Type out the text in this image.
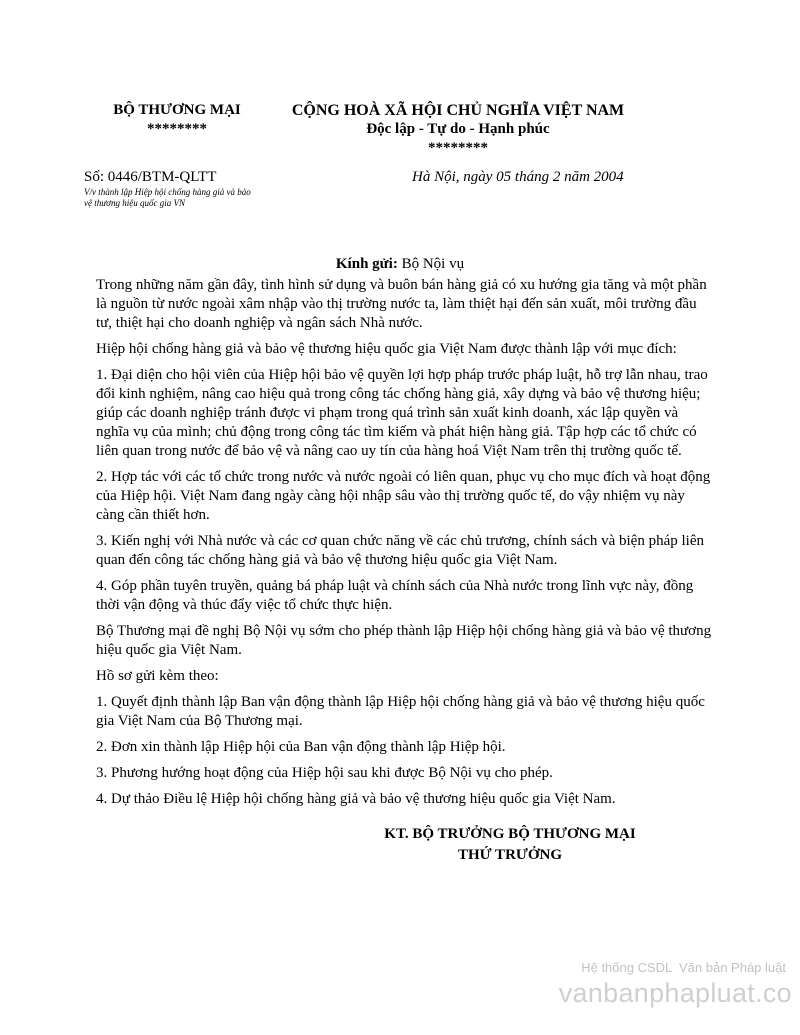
BỘ THƯƠNG MẠI
********
CỘNG HOÀ XÃ HỘI CHỦ NGHĨA VIỆT NAM
Độc lập - Tự do - Hạnh phúc
********
Số: 0446/BTM-QLTT
V/v thành lập Hiệp hội chống hàng giả và bảo vệ thương hiệu quốc gia VN
Hà Nội, ngày 05 tháng 2 năm 2004
Kính gửi: Bộ Nội vụ

Trong những năm gần đây, tình hình sử dụng và buôn bán hàng giả có xu hướng gia tăng và một phần là nguồn từ nước ngoài xâm nhập vào thị trường nước ta, làm thiệt hại đến sản xuất, môi trường đầu tư, thiệt hại cho doanh nghiệp và ngân sách Nhà nước.

Hiệp hội chống hàng giả và bảo vệ thương hiệu quốc gia Việt Nam được thành lập với mục đích:

1. Đại diện cho hội viên của Hiệp hội bảo vệ quyền lợi hợp pháp trước pháp luật, hỗ trợ lẫn nhau, trao đổi kinh nghiệm, nâng cao hiệu quả trong công tác chống hàng giả, xây dựng và bảo vệ thương hiệu; giúp các doanh nghiệp tránh được vi phạm trong quá trình sản xuất kinh doanh, xác lập quyền và nghĩa vụ của mình; chủ động trong công tác tìm kiếm và phát hiện hàng giả. Tập hợp các tổ chức có liên quan trong nước để bảo vệ và nâng cao uy tín của hàng hoá Việt Nam trên thị trường quốc tế.

2. Hợp tác với các tổ chức trong nước và nước ngoài có liên quan, phục vụ cho mục đích và hoạt động của Hiệp hội. Việt Nam đang ngày càng hội nhập sâu vào thị trường quốc tế, do vậy nhiệm vụ này càng cần thiết hơn.

3. Kiến nghị với Nhà nước và các cơ quan chức năng về các chủ trương, chính sách và biện pháp liên quan đến công tác chống hàng giả và bảo vệ thương hiệu quốc gia Việt Nam.

4. Góp phần tuyên truyền, quảng bá pháp luật và chính sách của Nhà nước trong lĩnh vực này, đồng thời vận động và thúc đẩy việc tổ chức thực hiện.

Bộ Thương mại đề nghị Bộ Nội vụ sớm cho phép thành lập Hiệp hội chống hàng giả và bảo vệ thương hiệu quốc gia Việt Nam.

Hồ sơ gửi kèm theo:

1. Quyết định thành lập Ban vận động thành lập Hiệp hội chống hàng giả và bảo vệ thương hiệu quốc gia Việt Nam của Bộ Thương mại.

2. Đơn xin thành lập Hiệp hội của Ban vận động thành lập Hiệp hội.

3. Phương hướng hoạt động của Hiệp hội sau khi được Bộ Nội vụ cho phép.

4. Dự thảo Điều lệ Hiệp hội chống hàng giả và bảo vệ thương hiệu quốc gia Việt Nam.

KT. BỘ TRƯỞNG BỘ THƯƠNG MẠI
THỨ TRƯỞNG
Hệ thống CSDL  Văn bản Pháp luật
vanbanphapluat.co
